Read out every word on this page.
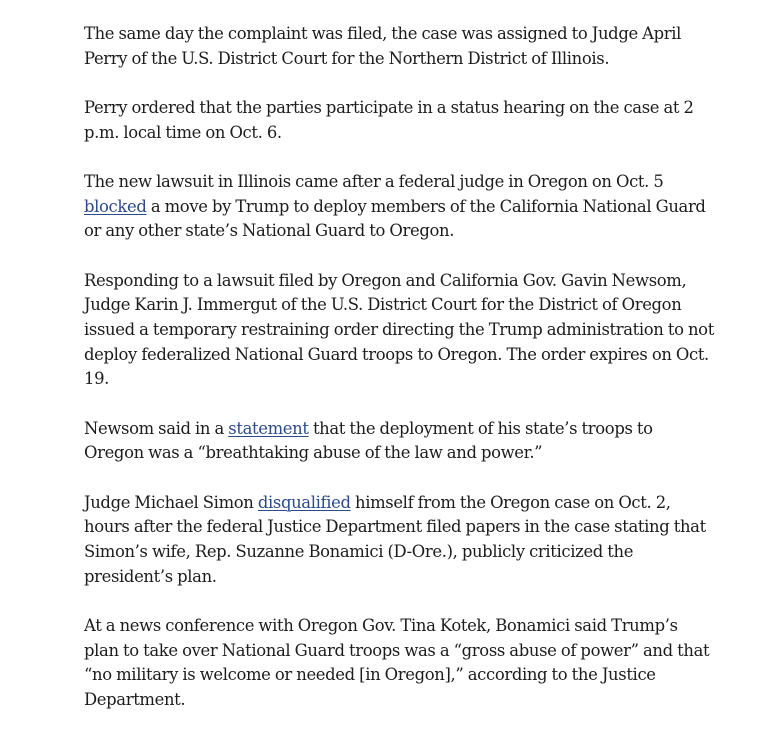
The same day the complaint was filed, the case was assigned to Judge April Perry of the U.S. District Court for the Northern District of Illinois.

Perry ordered that the parties participate in a status hearing on the case at 2 p.m. local time on Oct. 6.

The new lawsuit in Illinois came after a federal judge in Oregon on Oct. 5 blocked a move by Trump to deploy members of the California National Guard or any other state’s National Guard to Oregon.

Responding to a lawsuit filed by Oregon and California Gov. Gavin Newsom, Judge Karin J. Immergut of the U.S. District Court for the District of Oregon issued a temporary restraining order directing the Trump administration to not deploy federalized National Guard troops to Oregon. The order expires on Oct. 19.

Newsom said in a statement that the deployment of his state’s troops to Oregon was a “breathtaking abuse of the law and power.”

Judge Michael Simon disqualified himself from the Oregon case on Oct. 2, hours after the federal Justice Department filed papers in the case stating that Simon’s wife, Rep. Suzanne Bonamici (D-Ore.), publicly criticized the president’s plan.

At a news conference with Oregon Gov. Tina Kotek, Bonamici said Trump’s plan to take over National Guard troops was a “gross abuse of power” and that “no military is welcome or needed [in Oregon],” according to the Justice Department.
